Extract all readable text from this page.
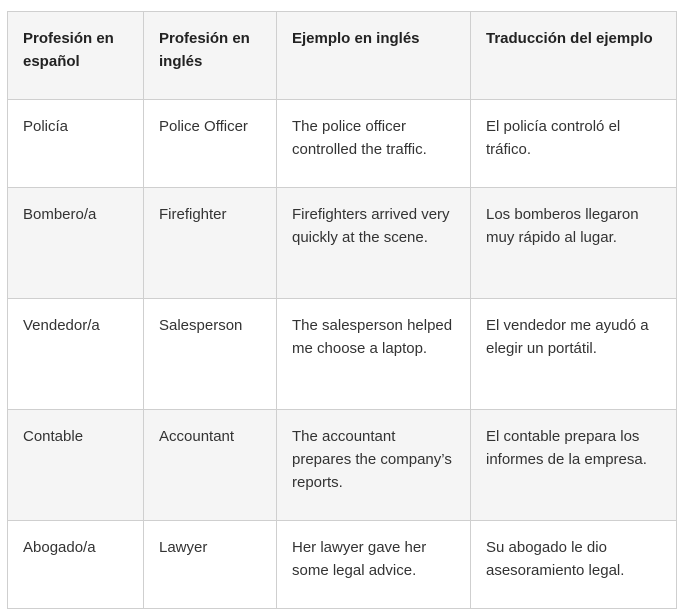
Profesión en español	Profesión en inglés	Ejemplo en inglés	Traducción del ejemplo
Policía	Police Officer	The police officer controlled the traffic.	El policía controló el tráfico.
Bombero/a	Firefighter	Firefighters arrived very quickly at the scene.	Los bomberos llegaron muy rápido al lugar.
Vendedor/a	Salesperson	The salesperson helped me choose a laptop.	El vendedor me ayudó a elegir un portátil.
Contable	Accountant	The accountant prepares the company’s reports.	El contable prepara los informes de la empresa.
Abogado/a	Lawyer	Her lawyer gave her some legal advice.	Su abogado le dio asesoramiento legal.
